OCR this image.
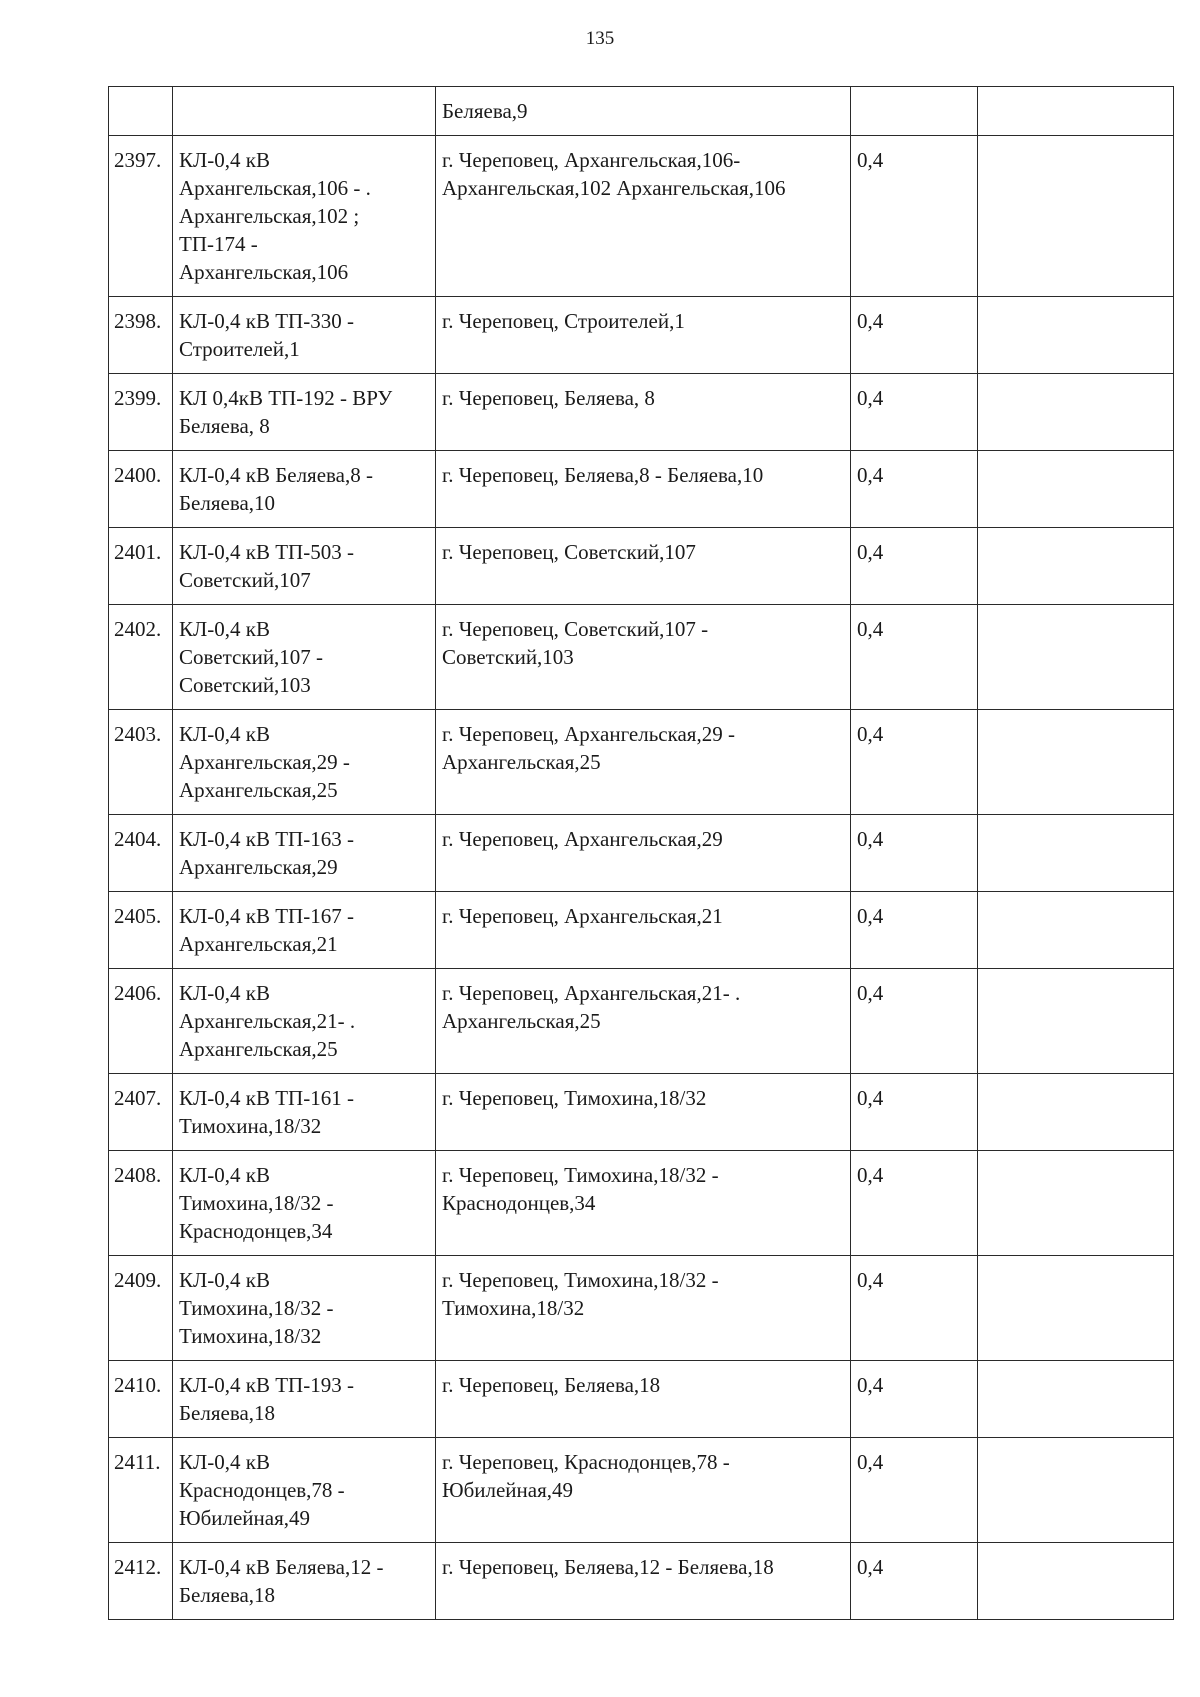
135
		Беляева,9		
2397.	КЛ-0,4 кВ
Архангельская,106 - .
Архангельская,102 ;
ТП-174 -
Архангельская,106	г. Череповец, Архангельская,106-
Архангельская,102 Архангельская,106	0,4	
2398.	КЛ-0,4 кВ ТП-330 -
Строителей,1	г. Череповец, Строителей,1	0,4	
2399.	КЛ 0,4кВ ТП-192 - ВРУ
Беляева, 8	г. Череповец, Беляева, 8	0,4	
2400.	КЛ-0,4 кВ Беляева,8 -
Беляева,10	г. Череповец, Беляева,8 - Беляева,10	0,4	
2401.	КЛ-0,4 кВ ТП-503 -
Советский,107	г. Череповец, Советский,107	0,4	
2402.	КЛ-0,4 кВ
Советский,107 -
Советский,103	г. Череповец, Советский,107 -
Советский,103	0,4	
2403.	КЛ-0,4 кВ
Архангельская,29 -
Архангельская,25	г. Череповец, Архангельская,29 -
Архангельская,25	0,4	
2404.	КЛ-0,4 кВ ТП-163 -
Архангельская,29	г. Череповец, Архангельская,29	0,4	
2405.	КЛ-0,4 кВ ТП-167 -
Архангельская,21	г. Череповец, Архангельская,21	0,4	
2406.	КЛ-0,4 кВ
Архангельская,21- .
Архангельская,25	г. Череповец, Архангельская,21- .
Архангельская,25	0,4	
2407.	КЛ-0,4 кВ ТП-161 -
Тимохина,18/32	г. Череповец, Тимохина,18/32	0,4	
2408.	КЛ-0,4 кВ
Тимохина,18/32 -
Краснодонцев,34	г. Череповец, Тимохина,18/32 -
Краснодонцев,34	0,4	
2409.	КЛ-0,4 кВ
Тимохина,18/32 -
Тимохина,18/32	г. Череповец, Тимохина,18/32 -
Тимохина,18/32	0,4	
2410.	КЛ-0,4 кВ ТП-193 -
Беляева,18	г. Череповец, Беляева,18	0,4	
2411.	КЛ-0,4 кВ
Краснодонцев,78 -
Юбилейная,49	г. Череповец, Краснодонцев,78 -
Юбилейная,49	0,4	
2412.	КЛ-0,4 кВ Беляева,12 -
Беляева,18	г. Череповец, Беляева,12 - Беляева,18	0,4	
